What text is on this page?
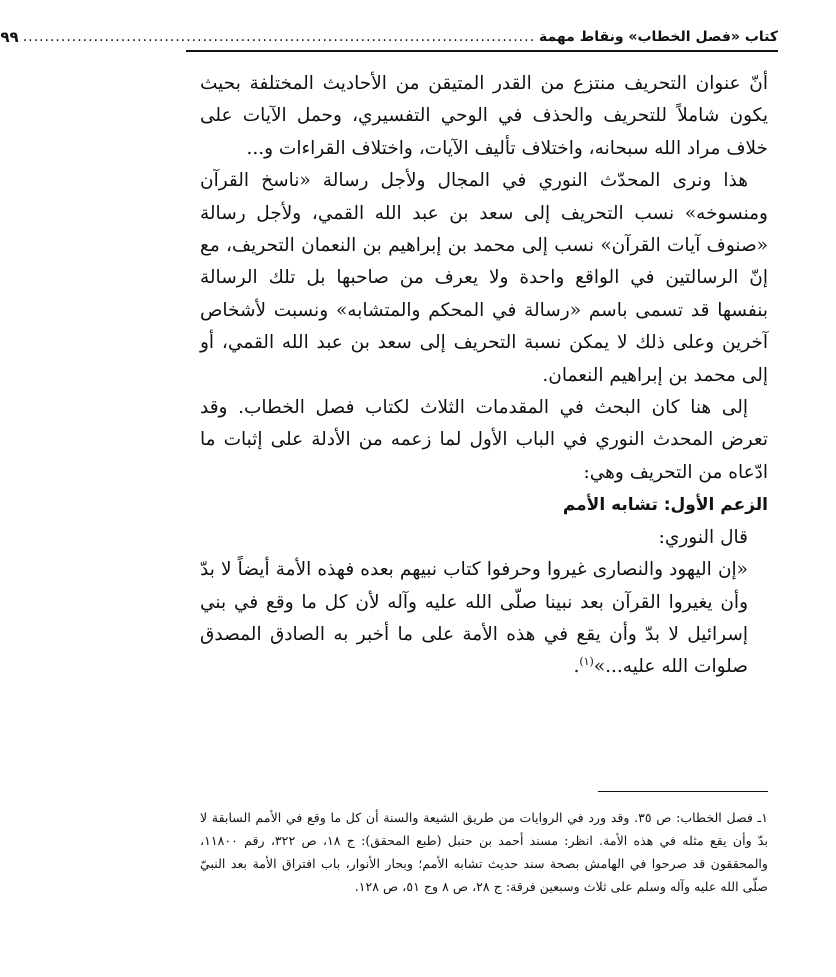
كتاب «فصل الخطاب» ونقاط مهمة
..............................................................................................
٩٩

أنّ عنوان التحريف منتزع من القدر المتيقن من الأحاديث المختلفة بحيث يكون شاملاً للتحريف والحذف في الوحي التفسيري، وحمل الآيات على خلاف مراد الله سبحانه، واختلاف تأليف الآيات، واختلاف القراءات و...

هذا ونرى المحدّث النوري في المجال ولأجل رسالة «ناسخ القرآن ومنسوخه» نسب التحريف إلى سعد بن عبد الله القمي، ولأجل رسالة «صنوف آيات القرآن» نسب إلى محمد بن إبراهيم بن النعمان التحريف، مع إنّ الرسالتين في الواقع واحدة ولا يعرف من صاحبها بل تلك الرسالة بنفسها قد تسمى باسم «رسالة في المحكم والمتشابه» ونسبت لأشخاص آخرين وعلى ذلك لا يمكن نسبة التحريف إلى سعد بن عبد الله القمي، أو إلى محمد بن إبراهيم النعمان.

إلى هنا كان البحث في المقدمات الثلاث لكتاب فصل الخطاب. وقد تعرض المحدث النوري في الباب الأول لما زعمه من الأدلة على إثبات ما ادّعاه من التحريف وهي:

الزعم الأول: تشابه الأمم

قال النوري:

«إن اليهود والنصارى غيروا وحرفوا كتاب نبيهم بعده فهذه الأمة أيضاً لا بدّ وأن يغيروا القرآن بعد نبينا صلّى الله عليه وآله لأن كل ما وقع في بني إسرائيل لا بدّ وأن يقع في هذه الأمة على ما أخبر به الصادق المصدق صلوات الله عليه...»$^{(١)}$.

١ـ فصل الخطاب: ص ٣٥. وقد ورد في الروايات من طريق الشيعة والسنة أن كل ما وقع في الأمم السابقة لا بدّ وأن يقع مثله في هذه الأمة. انظر: مسند أحمد بن حنبل (طبع المحقق): ج ١٨، ص ٣٢٢، رقم ١١٨٠٠، والمحققون قد صرحوا في الهامش بصحة سند حديث تشابه الأمم؛ وبحار الأنوار، باب افتراق الأمة بعد النبيّ صلّى الله عليه وآله وسلم على ثلاث وسبعين فرقة: ج ٢٨، ص ٨ وج ٥١، ص ١٢٨.
